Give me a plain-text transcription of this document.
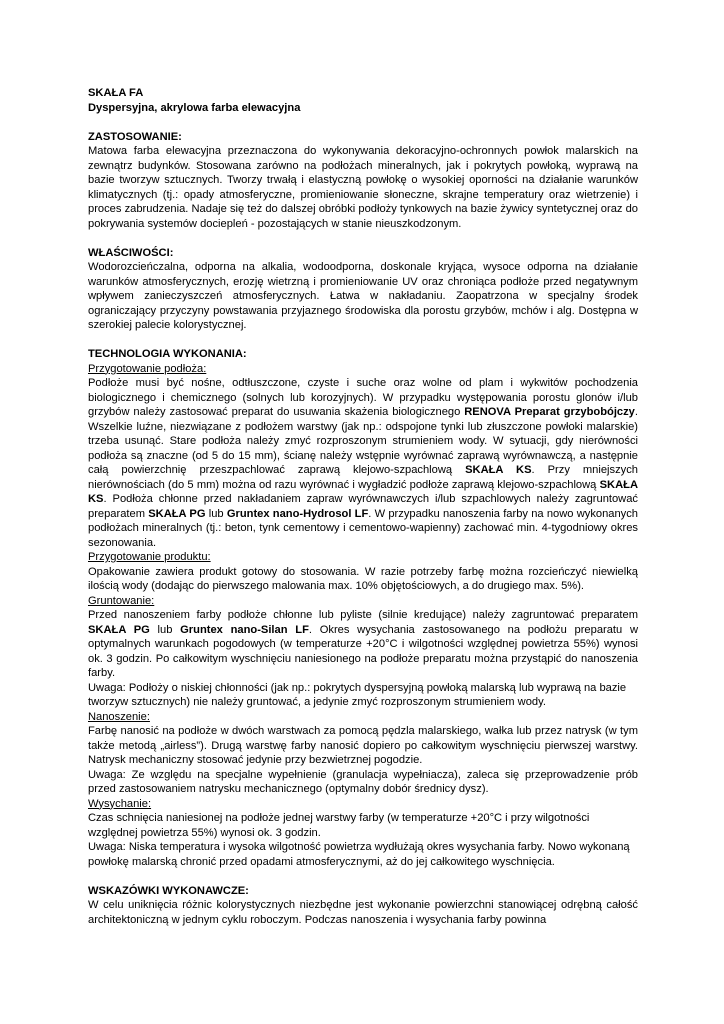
SKAŁA FA
Dyspersyjna, akrylowa farba elewacyjna
ZASTOSOWANIE:

Matowa farba elewacyjna przeznaczona do wykonywania dekoracyjno-ochronnych powłok malarskich na zewnątrz budynków. Stosowana zarówno na podłożach mineralnych, jak i pokrytych powłoką, wyprawą na bazie tworzyw sztucznych. Tworzy trwałą i elastyczną powłokę o wysokiej oporności na działanie warunków klimatycznych (tj.: opady atmosferyczne, promieniowanie słoneczne, skrajne temperatury oraz wietrzenie) i proces zabrudzenia. Nadaje się też do dalszej obróbki podłoży tynkowych na bazie żywicy syntetycznej oraz do pokrywania systemów dociepleń - pozostających w stanie nieuszkodzonym.

WŁAŚCIWOŚCI:

Wodorozcieńczalna, odporna na alkalia, wodoodporna, doskonale kryjąca, wysoce odporna na działanie warunków atmosferycznych, erozję wietrzną i promieniowanie UV oraz chroniąca podłoże przed negatywnym wpływem zanieczyszczeń atmosferycznych. Łatwa w nakładaniu. Zaopatrzona w specjalny środek ograniczający przyczyny powstawania przyjaznego środowiska dla porostu grzybów, mchów i alg. Dostępna w szerokiej palecie kolorystycznej.

TECHNOLOGIA WYKONANIA:
Przygotowanie podłoża:

Podłoże musi być nośne, odtłuszczone, czyste i suche oraz wolne od plam i wykwitów pochodzenia biologicznego i chemicznego (solnych lub korozyjnych). W przypadku występowania porostu glonów i/lub grzybów należy zastosować preparat do usuwania skażenia biologicznego RENOVA Preparat grzybobójczy. Wszelkie luźne, niezwiązane z podłożem warstwy (jak np.: odspojone tynki lub złuszczone powłoki malarskie) trzeba usunąć. Stare podłoża należy zmyć rozproszonym strumieniem wody. W sytuacji, gdy nierówności podłoża są znaczne (od 5 do 15 mm), ścianę należy wstępnie wyrównać zaprawą wyrównawczą, a następnie całą powierzchnię przeszpachlować zaprawą klejowo-szpachlową SKAŁA KS. Przy mniejszych nierównościach (do 5 mm) można od razu wyrównać i wygładzić podłoże zaprawą klejowo-szpachlową SKAŁA KS. Podłoża chłonne przed nakładaniem zapraw wyrównawczych i/lub szpachlowych należy zagruntować preparatem SKAŁA PG lub Gruntex nano-Hydrosol LF. W przypadku nanoszenia farby na nowo wykonanych podłożach mineralnych (tj.: beton, tynk cementowy i cementowo-wapienny) zachować min. 4-tygodniowy okres sezonowania.

Przygotowanie produktu:

Opakowanie zawiera produkt gotowy do stosowania. W razie potrzeby farbę można rozcieńczyć niewielką ilością wody (dodając do pierwszego malowania max. 10% objętościowych, a do drugiego max. 5%).

Gruntowanie:

Przed nanoszeniem farby podłoże chłonne lub pyliste (silnie kredujące) należy zagruntować preparatem SKAŁA PG lub Gruntex nano-Silan LF. Okres wysychania zastosowanego na podłożu preparatu w optymalnych warunkach pogodowych (w temperaturze +20°C i wilgotności względnej powietrza 55%) wynosi ok. 3 godzin. Po całkowitym wyschnięciu naniesionego na podłoże preparatu można przystąpić do nanoszenia farby.

Uwaga: Podłoży o niskiej chłonności (jak np.: pokrytych dyspersyjną powłoką malarską lub wyprawą na bazie tworzyw sztucznych) nie należy gruntować, a jedynie zmyć rozproszonym strumieniem wody.

Nanoszenie:

Farbę nanosić na podłoże w dwóch warstwach za pomocą pędzla malarskiego, wałka lub przez natrysk (w tym także metodą „airless”). Drugą warstwę farby nanosić dopiero po całkowitym wyschnięciu pierwszej warstwy. Natrysk mechaniczny stosować jedynie przy bezwietrznej pogodzie.

Uwaga: Ze względu na specjalne wypełnienie (granulacja wypełniacza), zaleca się przeprowadzenie prób przed zastosowaniem natrysku mechanicznego (optymalny dobór średnicy dysz).

Wysychanie:

Czas schnięcia naniesionej na podłoże jednej warstwy farby (w temperaturze +20°C i przy wilgotności względnej powietrza 55%) wynosi ok. 3 godzin.

Uwaga: Niska temperatura i wysoka wilgotność powietrza wydłużają okres wysychania farby. Nowo wykonaną powłokę malarską chronić przed opadami atmosferycznymi, aż do jej całkowitego wyschnięcia.

WSKAZÓWKI WYKONAWCZE:

W celu uniknięcia różnic kolorystycznych niezbędne jest wykonanie powierzchni stanowiącej odrębną całość architektoniczną w jednym cyklu roboczym. Podczas nanoszenia i wysychania farby powinna
